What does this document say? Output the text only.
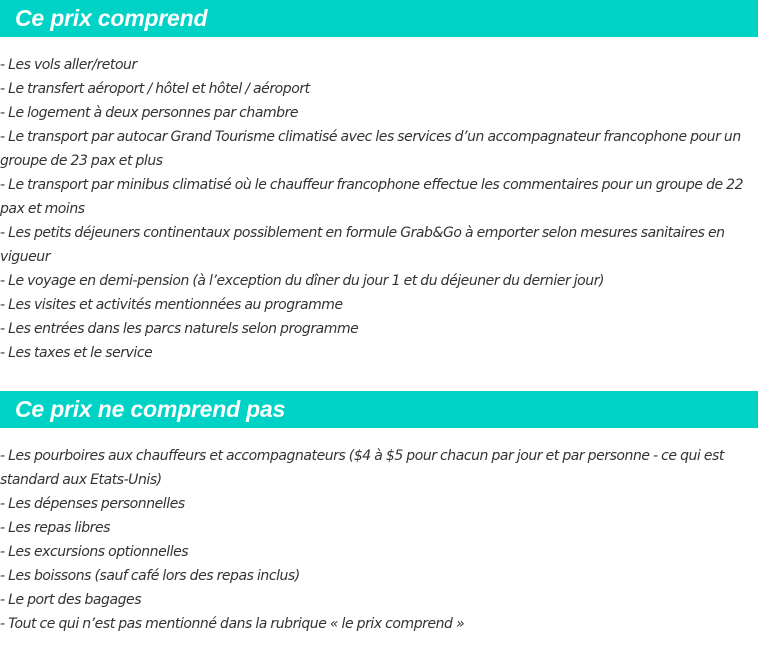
Ce prix comprend
- Les vols aller/retour
- Le transfert aéroport / hôtel et hôtel / aéroport
- Le logement à deux personnes par chambre
- Le transport par autocar Grand Tourisme climatisé avec les services d’un accompagnateur francophone pour un groupe de 23 pax et plus
- Le transport par minibus climatisé où le chauffeur francophone effectue les commentaires pour un groupe de 22 pax et moins
- Les petits déjeuners continentaux possiblement en formule Grab&Go à emporter selon mesures sanitaires en vigueur
- Le voyage en demi-pension (à l’exception du dîner du jour 1 et du déjeuner du dernier jour)
- Les visites et activités mentionnées au programme
- Les entrées dans les parcs naturels selon programme
- Les taxes et le service
Ce prix ne comprend pas
- Les pourboires aux chauffeurs et accompagnateurs ($4 à $5 pour chacun par jour et par personne - ce qui est standard aux Etats-Unis)
- Les dépenses personnelles
- Les repas libres
- Les excursions optionnelles
- Les boissons (sauf café lors des repas inclus)
- Le port des bagages
- Tout ce qui n’est pas mentionné dans la rubrique « le prix comprend »
